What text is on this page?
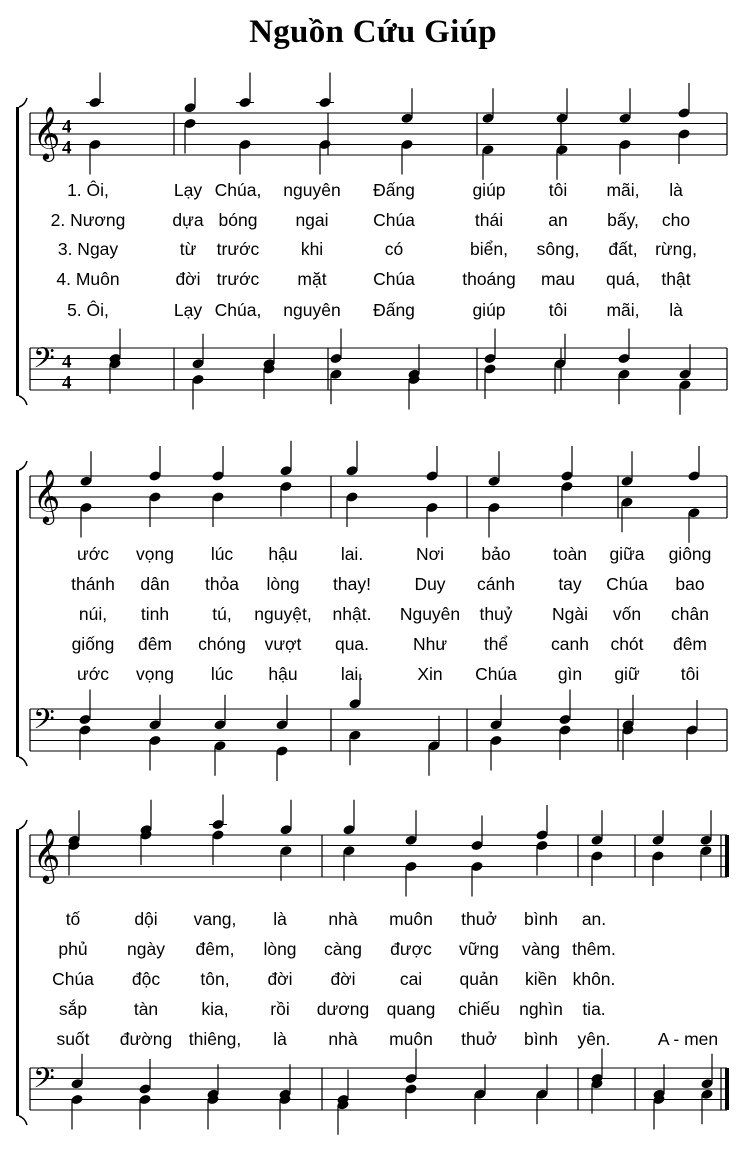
Nguồn Cứu Giúp
𝄞
𝄢
4
4
4
4
1. Ôi,	Lạy Chúa, nguyên Đấng	giúp tôi mãi, là
2. Nương	dựa bóng ngai	Chúa	thái	an bấy, cho
3. Ngay	từ trước khi	có	biển, sông, đất, rừng,
4. Muôn	đời trước mặt	Chúa	thoáng mau quá, thật
5. Ôi,	Lạy Chúa, nguyên Đấng	giúp tôi mãi, là
𝄞
𝄢
ước vọng lúc hậu lai.	Nơi bảo toàn giữa giông
thánh dân thỏa lòng thay! Duy cánh tay Chúa bao
núi, tinh tú, nguyệt, nhật. Nguyên thuỷ Ngài vốn chân
giống đêm chóng vượt qua.	Như thể canh chót đêm
ước vọng lúc hậu lai.	Xin Chúa gìn giữ tôi
𝄞
𝄢
tố	dội vang, là nhà muôn thuở bình an.
phủ ngày đêm, lòng càng được vững vàng thêm.
Chúa độc tôn, đời đời	cai quản kiền khôn.
sắp	tàn kia, rồi dương quang chiếu nghìn tia.
suốt đường thiêng, là nhà muôn thuở bình yên.	A - men
